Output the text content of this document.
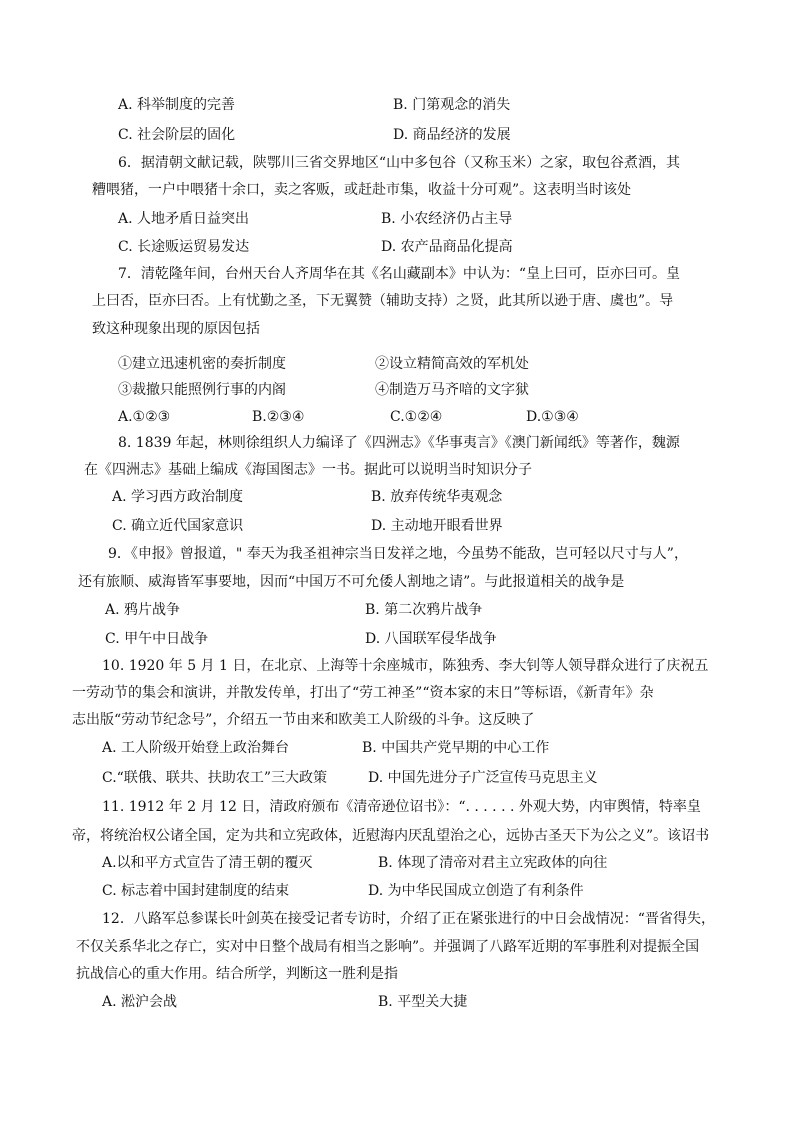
A. 科举制度的完善	B. 门第观念的消失
C. 社会阶层的固化	D. 商品经济的发展
6．据清朝文献记载，陕鄂川三省交界地区“山中多包谷（又称玉米）之家，取包谷煮酒，其
糟喂猪，一户中喂猪十余口，卖之客贩，或赶赴市集，收益十分可观”。这表明当时该处
A. 人地矛盾日益突出	B. 小农经济仍占主导
C. 长途贩运贸易发达	D. 农产品商品化提高
7．清乾隆年间，台州天台人齐周华在其《名山藏副本》中认为：“皇上曰可，臣亦曰可。皇
上曰否，臣亦曰否。上有忧勤之圣，下无翼赞（辅助支持）之贤，此其所以逊于唐、虞也”。导
致这种现象出现的原因包括
①建立迅速机密的奏折制度	②设立精简高效的军机处
③裁撤只能照例行事的内阁	④制造万马齐喑的文字狱
A.①②③	B.②③④	C.①②④	D.①③④
8. 1839 年起，林则徐组织人力编译了《四洲志》《华事夷言》《澳门新闻纸》等著作，魏源
在《四洲志》基础上编成《海国图志》一书。据此可以说明当时知识分子
A. 学习西方政治制度	B. 放弃传统华夷观念
C. 确立近代国家意识	D. 主动地开眼看世界
9．《申报》曾报道，" 奉天为我圣祖神宗当日发祥之地，今虽势不能敌，岂可轻以尺寸与人”，
还有旅顺、威海皆军事要地，因而“中国万不可允倭人割地之请”。与此报道相关的战争是
A. 鸦片战争	B. 第二次鸦片战争
C. 甲午中日战争	D. 八国联军侵华战争
10. 1920 年 5 月 1 日，在北京、上海等十余座城市，陈独秀、李大钊等人领导群众进行了庆祝五
一劳动节的集会和演讲，并散发传单，打出了“劳工神圣”“资本家的末日”等标语，《新青年》杂
志出版“劳动节纪念号”，介绍五一节由来和欧美工人阶级的斗争。这反映了
A. 工人阶级开始登上政治舞台	B. 中国共产党早期的中心工作
C.“联俄、联共、扶助农工”三大政策	D. 中国先进分子广泛宣传马克思主义
11. 1912 年 2 月 12 日，清政府颁布《清帝逊位诏书》：“. . . . . . 外观大势，内审舆情，特率皇
帝，将统治权公诸全国，定为共和立宪政体，近慰海内厌乱望治之心，远协古圣天下为公之义”。该诏书
A.以和平方式宣告了清王朝的覆灭	B. 体现了清帝对君主立宪政体的向往
C. 标志着中国封建制度的结束	D. 为中华民国成立创造了有利条件
12．八路军总参谋长叶剑英在接受记者专访时，介绍了正在紧张进行的中日会战情况：“晋省得失，
不仅关系华北之存亡，实对中日整个战局有相当之影响”。并强调了八路军近期的军事胜利对提振全国
抗战信心的重大作用。结合所学，判断这一胜利是指
A. 淞沪会战	B. 平型关大捷
